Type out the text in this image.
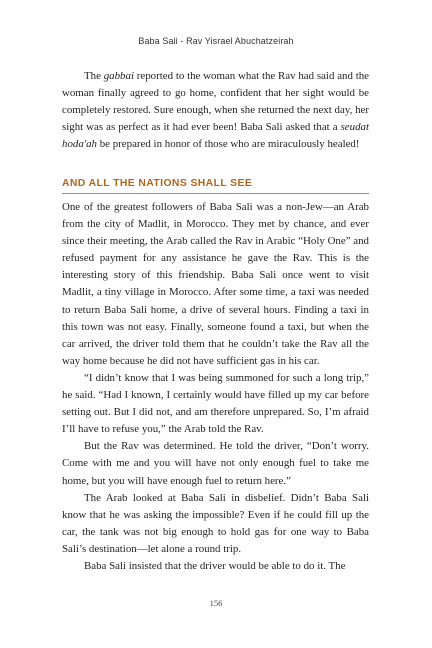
Baba Sali - Rav Yisrael Abuchatzeirah

The gabbai reported to the woman what the Rav had said and the woman finally agreed to go home, confident that her sight would be completely restored. Sure enough, when she returned the next day, her sight was as perfect as it had ever been! Baba Sali asked that a seudat hoda'ah be prepared in honor of those who are miraculously healed!

AND ALL THE NATIONS SHALL SEE

One of the greatest followers of Baba Sali was a non-Jew—an Arab from the city of Madlit, in Morocco. They met by chance, and ever since their meeting, the Arab called the Rav in Arabic “Holy One” and refused payment for any assistance he gave the Rav. This is the interesting story of this friendship. Baba Sali once went to visit Madlit, a tiny village in Morocco. After some time, a taxi was needed to return Baba Sali home, a drive of several hours. Finding a taxi in this town was not easy. Finally, someone found a taxi, but when the car arrived, the driver told them that he couldn’t take the Rav all the way home because he did not have sufficient gas in his car.

“I didn’t know that I was being summoned for such a long trip,” he said. “Had I known, I certainly would have filled up my car before setting out. But I did not, and am therefore unprepared. So, I’m afraid I’ll have to refuse you,” the Arab told the Rav.

But the Rav was determined. He told the driver, “Don’t worry. Come with me and you will have not only enough fuel to take me home, but you will have enough fuel to return here.”

The Arab looked at Baba Sali in disbelief. Didn’t Baba Sali know that he was asking the impossible? Even if he could fill up the car, the tank was not big enough to hold gas for one way to Baba Sali’s destination—let alone a round trip.

Baba Sali insisted that the driver would be able to do it. The

156
